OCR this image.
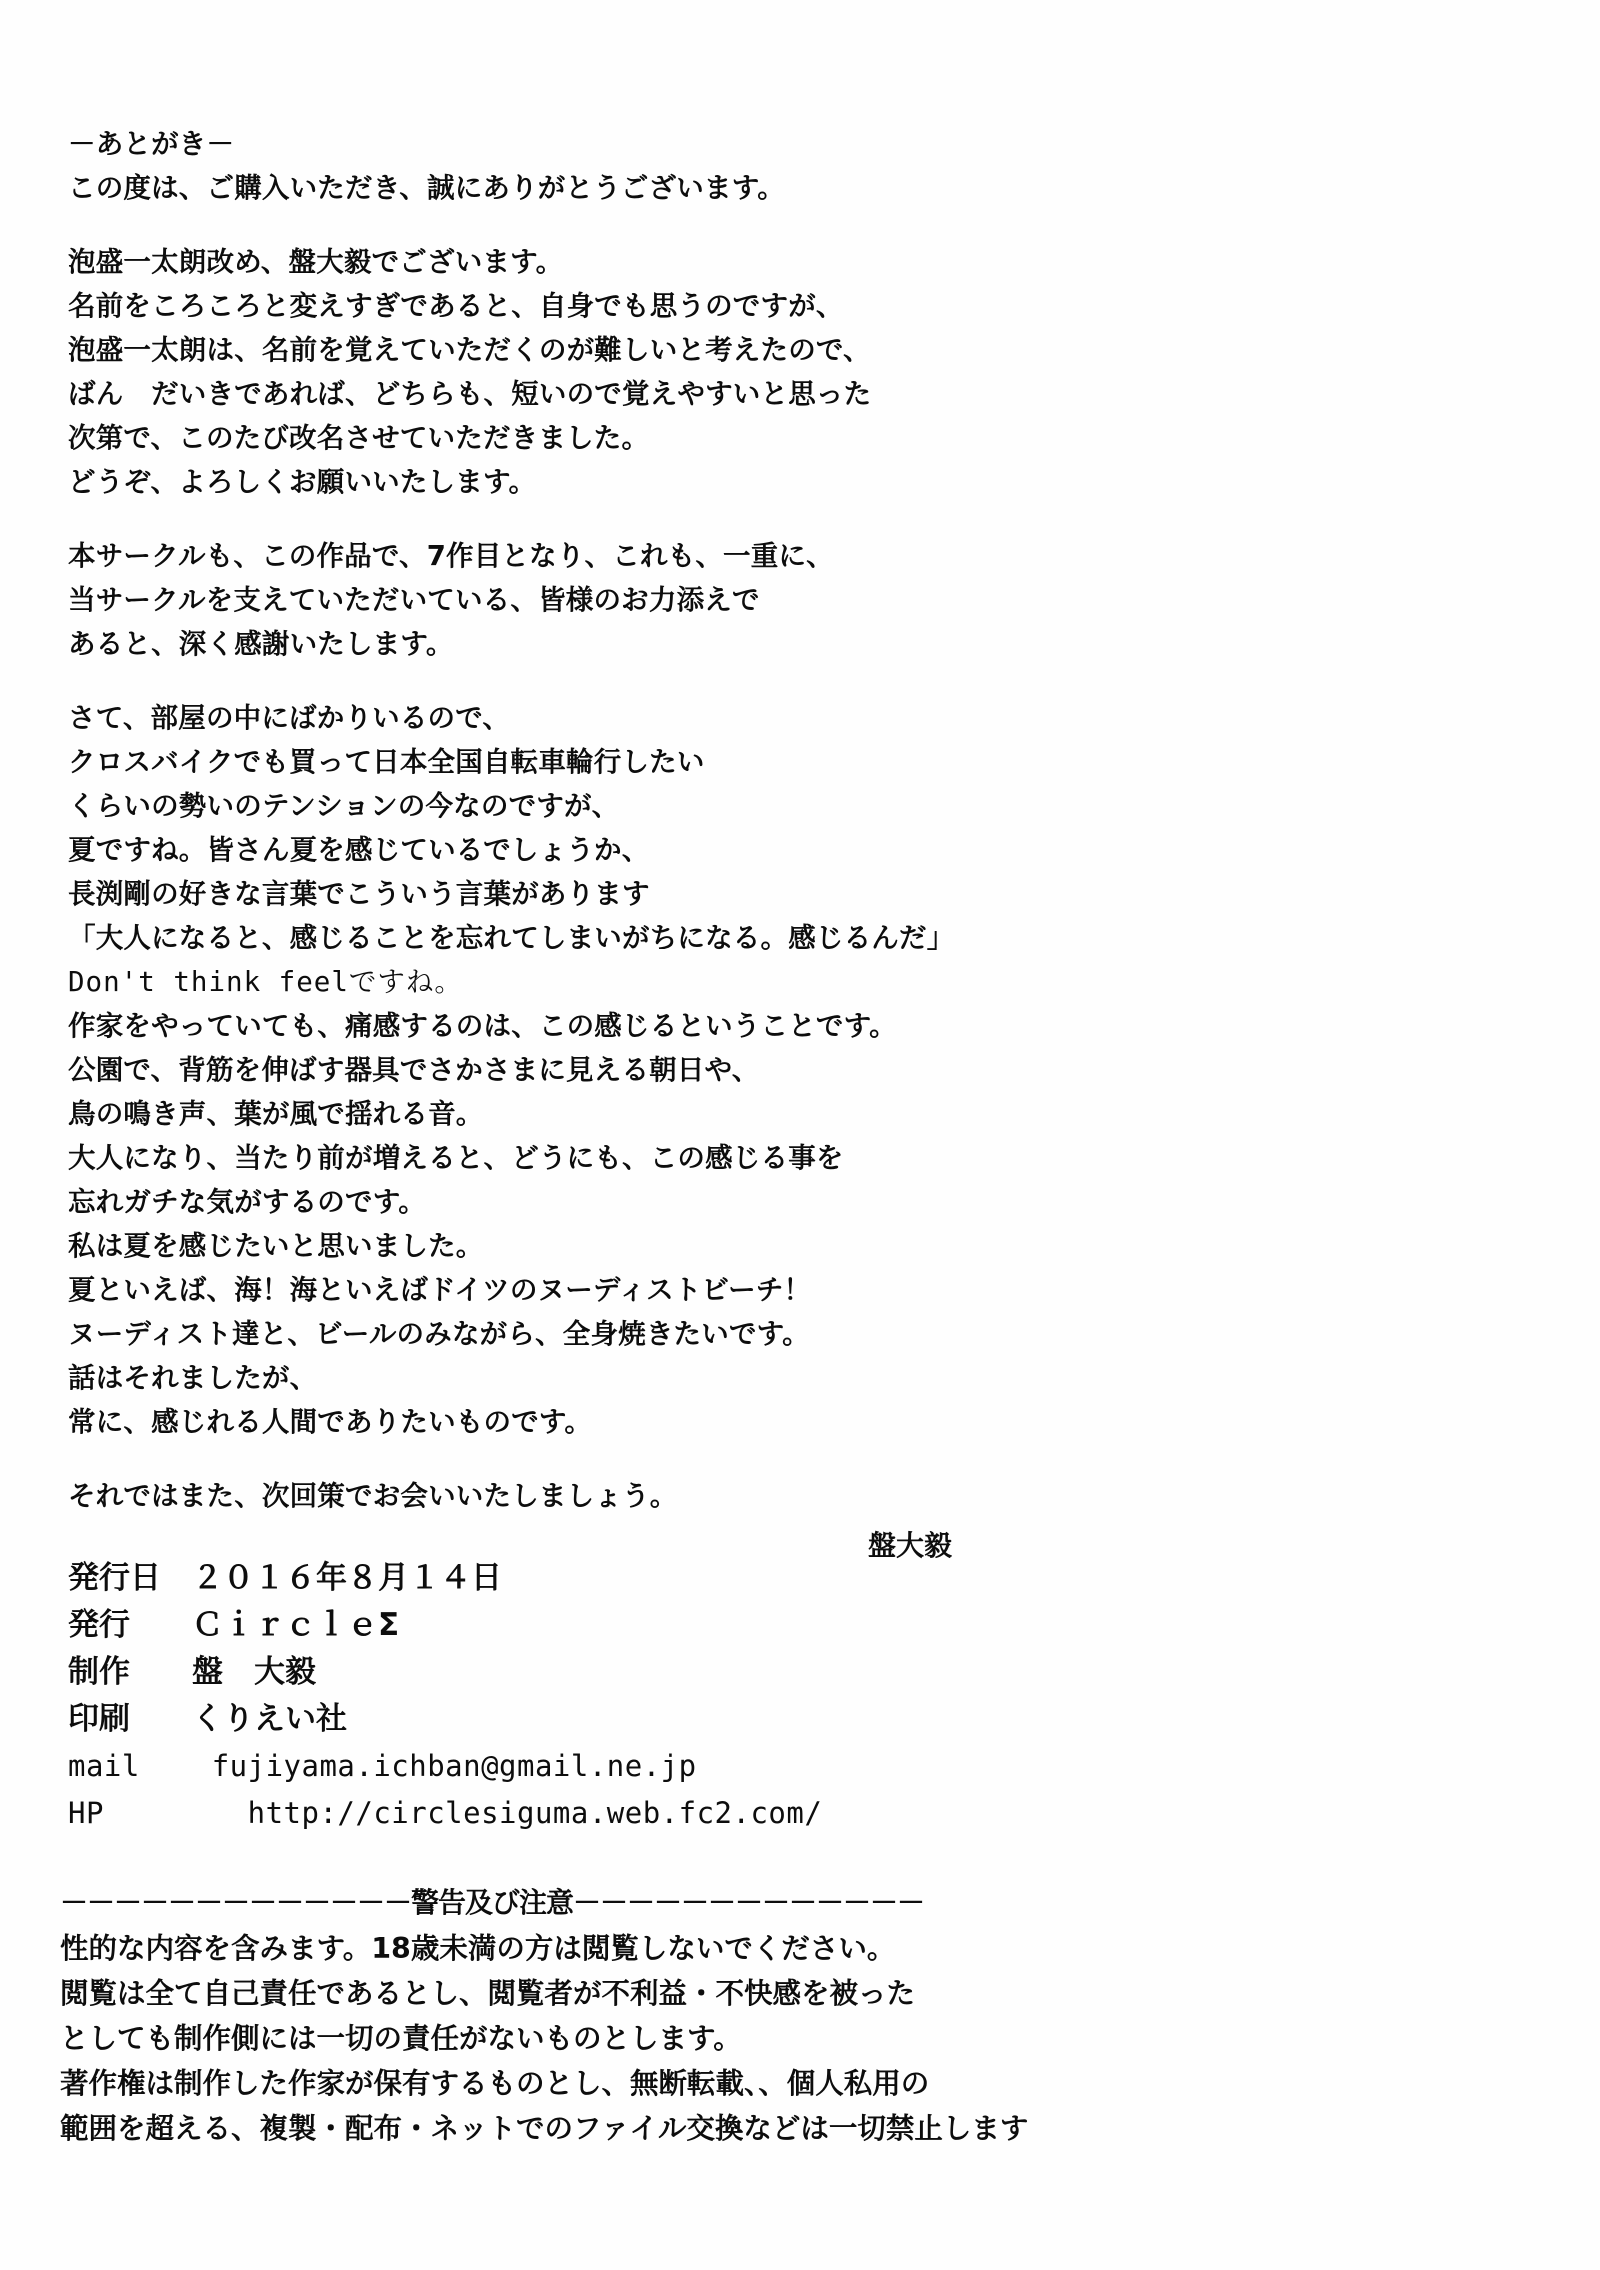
－あとがき－
この度は、ご購入いただき、誠にありがとうございます。
泡盛一太朗改め、盤大毅でございます。
名前をころころと変えすぎであると、自身でも思うのですが、
泡盛一太朗は、名前を覚えていただくのが難しいと考えたので、
ばん　だいきであれば、どちらも、短いので覚えやすいと思った
次第で、このたび改名させていただきました。
どうぞ、よろしくお願いいたします。
本サークルも、この作品で、7作目となり、これも、一重に、
当サークルを支えていただいている、皆様のお力添えで
あると、深く感謝いたします。
さて、部屋の中にばかりいるので、
クロスバイクでも買って日本全国自転車輪行したい
くらいの勢いのテンションの今なのですが、
夏ですね。皆さん夏を感じているでしょうか、
長渕剛の好きな言葉でこういう言葉があります
「大人になると、感じることを忘れてしまいがちになる。感じるんだ」
Don't think feelですね。
作家をやっていても、痛感するのは、この感じるということです。
公園で、背筋を伸ばす器具でさかさまに見える朝日や、
鳥の鳴き声、葉が風で揺れる音。
大人になり、当たり前が増えると、どうにも、この感じる事を
忘れガチな気がするのです。
私は夏を感じたいと思いました。
夏といえば、海！海といえばドイツのヌーディストビーチ！
ヌーディスト達と、ビールのみながら、全身焼きたいです。
話はそれましたが、
常に、感じれる人間でありたいものです。
それではまた、次回策でお会いいたしましょう。
盤大毅
発行日　 ２０１６年８月１４日
発行　　 ＣｉｒｃｌｅΣ
制作　　 盤　大毅
印刷　　 くりえい社
mail fujiyama.ichban@gmail.ne.jp
HP	http://circlesiguma.web.fc2.com/
－－－－－－－－－－－－－警告及び注意－－－－－－－－－－－－－
性的な内容を含みます。18歳未満の方は閲覧しないでください。
閲覧は全て自己責任であるとし、閲覧者が不利益・不快感を被った
としても制作側には一切の責任がないものとします。
著作権は制作した作家が保有するものとし、無断転載、、個人私用の
範囲を超える、複製・配布・ネットでのファイル交換などは一切禁止します
